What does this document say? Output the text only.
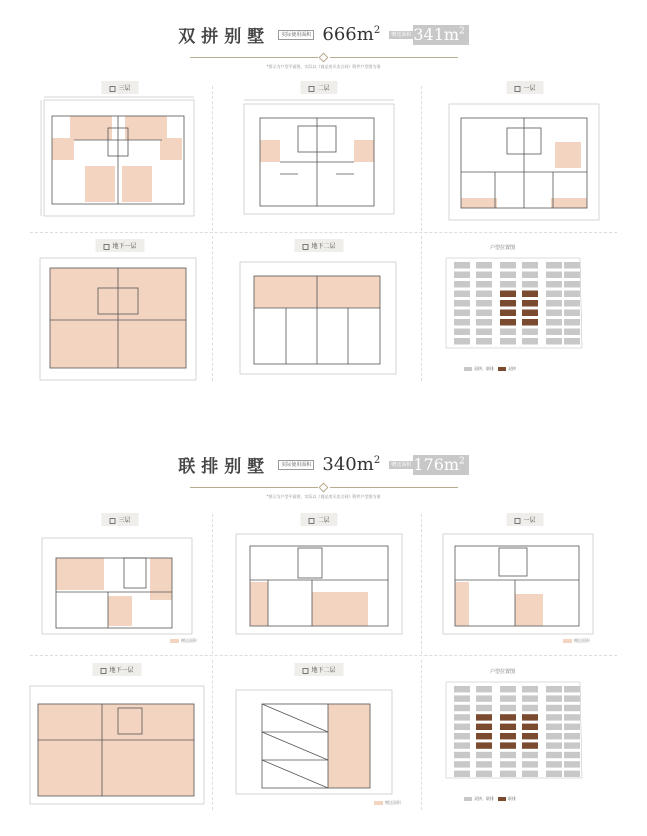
双拼别墅 实际使用面积 $666m^2$ 赠送面积 $341m^2$
*图示为户型平面图，实际以《商品房买卖合同》附件户型图为准
三层	二层	一层
地下一层	地下二层	户型位置图
双拼、联排	双拼
联排别墅 实际使用面积 $340m^2$ 赠送面积 $176m^2$
*图示为户型平面图，实际以《商品房买卖合同》附件户型图为准
三层
赠送面积
二层	一层
赠送面积
地下一层	地下二层
赠送面积
户型位置图
双拼、联排	联排
